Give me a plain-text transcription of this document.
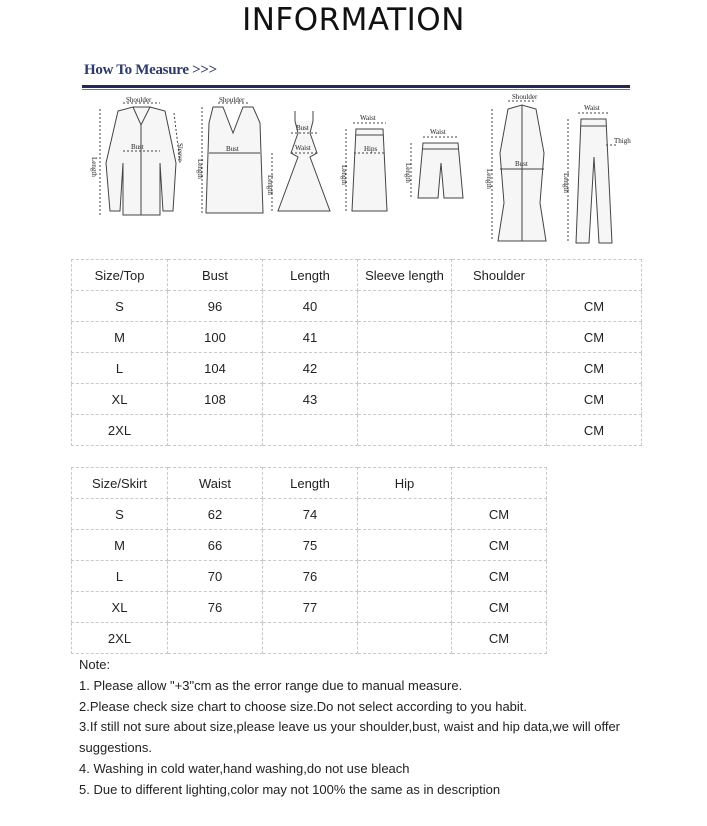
INFORMATION
How To Measure >>>
Shoulder
Bust
Length
Sleeve
Shoulder
Bust
Length
Bust
Waist
Length
Waist
Hips
Length
Waist
Length
Shoulder
Bust
Length
Waist
Thigh
Length
Size/Top	Bust	Length	Sleeve length	Shoulder	
S	96	40			CM
M	100	41			CM
L	104	42			CM
XL	108	43			CM
2XL					CM
Size/Skirt	Waist	Length	Hip	
S	62	74		CM
M	66	75		CM
L	70	76		CM
XL	76	77		CM
2XL				CM
Note:
1. Please allow "+3"cm as the error range due to manual measure.
2.Please check size chart to choose size.Do not select according to you habit.
3.If still not sure about size,please leave us your shoulder,bust, waist and hip data,we will offer suggestions.
4. Washing in cold water,hand washing,do not use bleach
5. Due to different lighting,color may not 100% the same as in description
